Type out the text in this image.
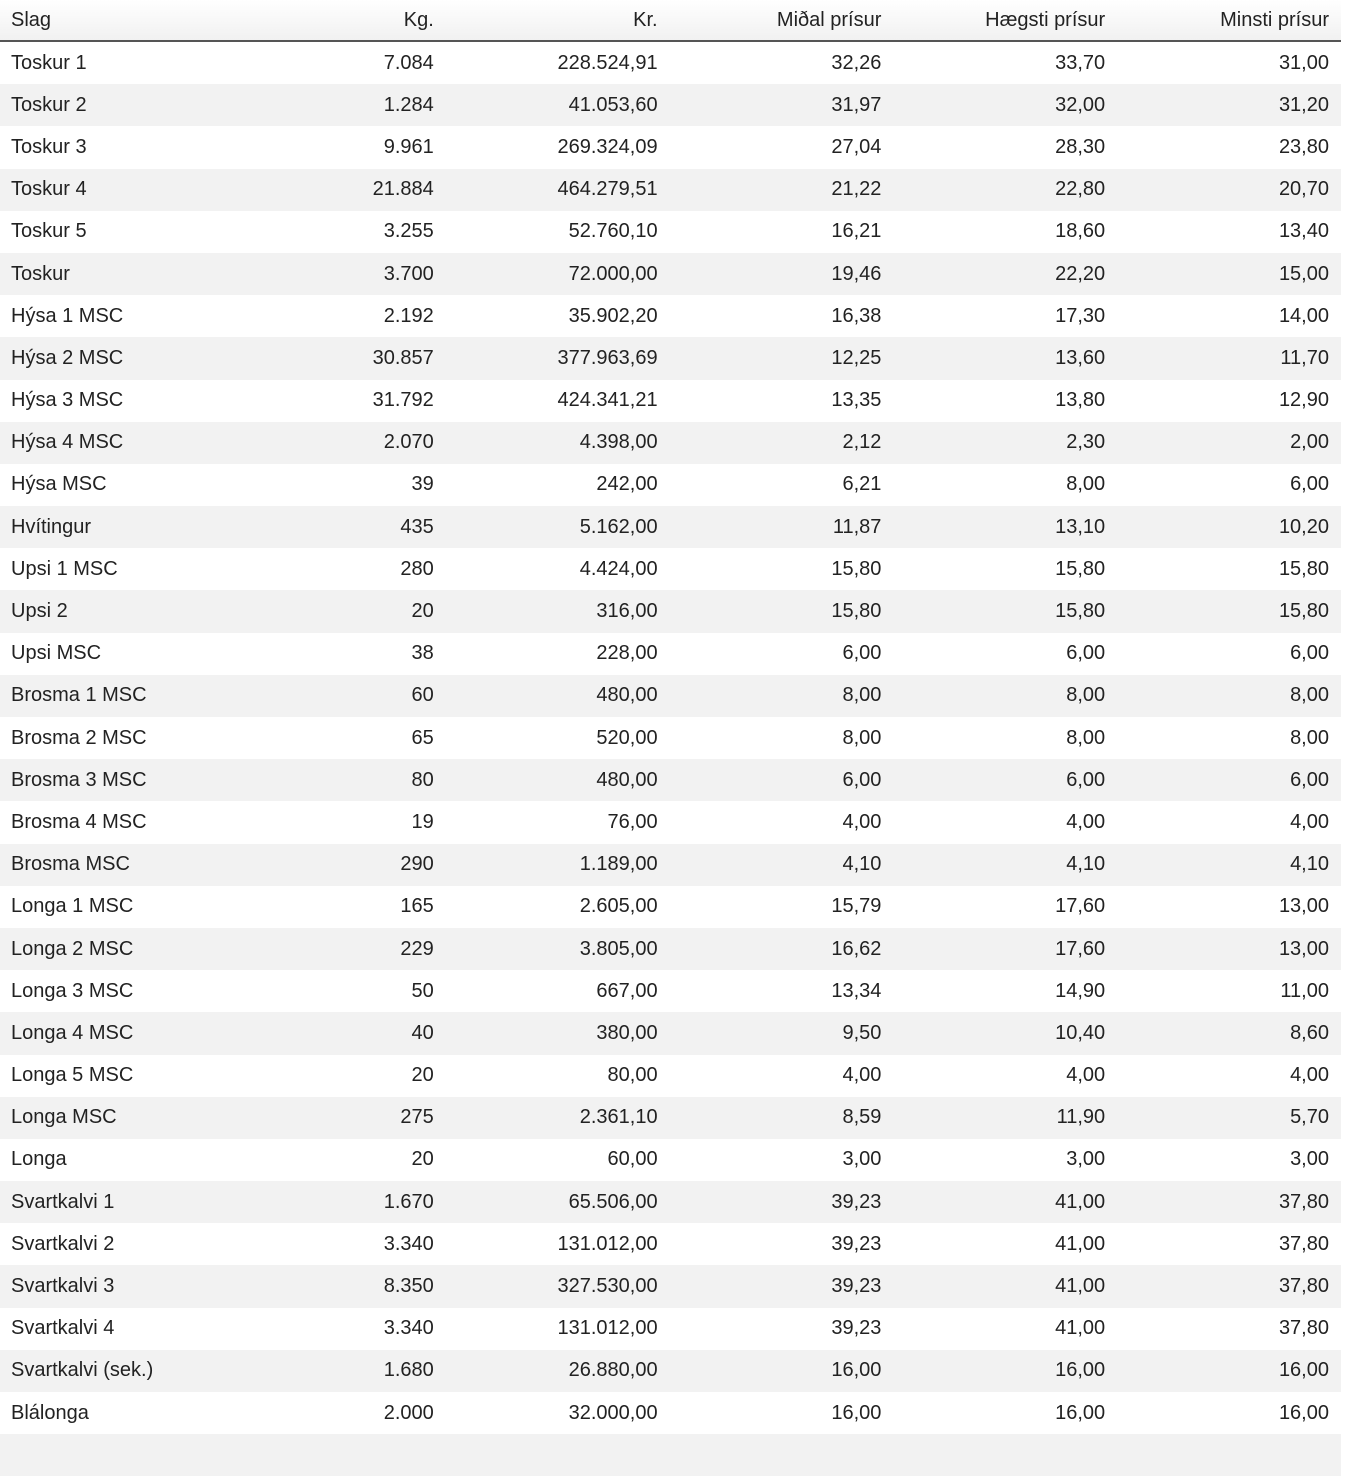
Slag	Kg.	Kr.	Miðal prísur	Hægsti prísur	Minsti prísur
Toskur 1	7.084	228.524,91	32,26	33,70	31,00
Toskur 2	1.284	41.053,60	31,97	32,00	31,20
Toskur 3	9.961	269.324,09	27,04	28,30	23,80
Toskur 4	21.884	464.279,51	21,22	22,80	20,70
Toskur 5	3.255	52.760,10	16,21	18,60	13,40
Toskur	3.700	72.000,00	19,46	22,20	15,00
Hýsa 1 MSC	2.192	35.902,20	16,38	17,30	14,00
Hýsa 2 MSC	30.857	377.963,69	12,25	13,60	11,70
Hýsa 3 MSC	31.792	424.341,21	13,35	13,80	12,90
Hýsa 4 MSC	2.070	4.398,00	2,12	2,30	2,00
Hýsa MSC	39	242,00	6,21	8,00	6,00
Hvítingur	435	5.162,00	11,87	13,10	10,20
Upsi 1 MSC	280	4.424,00	15,80	15,80	15,80
Upsi 2	20	316,00	15,80	15,80	15,80
Upsi MSC	38	228,00	6,00	6,00	6,00
Brosma 1 MSC	60	480,00	8,00	8,00	8,00
Brosma 2 MSC	65	520,00	8,00	8,00	8,00
Brosma 3 MSC	80	480,00	6,00	6,00	6,00
Brosma 4 MSC	19	76,00	4,00	4,00	4,00
Brosma MSC	290	1.189,00	4,10	4,10	4,10
Longa 1 MSC	165	2.605,00	15,79	17,60	13,00
Longa 2 MSC	229	3.805,00	16,62	17,60	13,00
Longa 3 MSC	50	667,00	13,34	14,90	11,00
Longa 4 MSC	40	380,00	9,50	10,40	8,60
Longa 5 MSC	20	80,00	4,00	4,00	4,00
Longa MSC	275	2.361,10	8,59	11,90	5,70
Longa	20	60,00	3,00	3,00	3,00
Svartkalvi 1	1.670	65.506,00	39,23	41,00	37,80
Svartkalvi 2	3.340	131.012,00	39,23	41,00	37,80
Svartkalvi 3	8.350	327.530,00	39,23	41,00	37,80
Svartkalvi 4	3.340	131.012,00	39,23	41,00	37,80
Svartkalvi (sek.)	1.680	26.880,00	16,00	16,00	16,00
Blálonga	2.000	32.000,00	16,00	16,00	16,00
